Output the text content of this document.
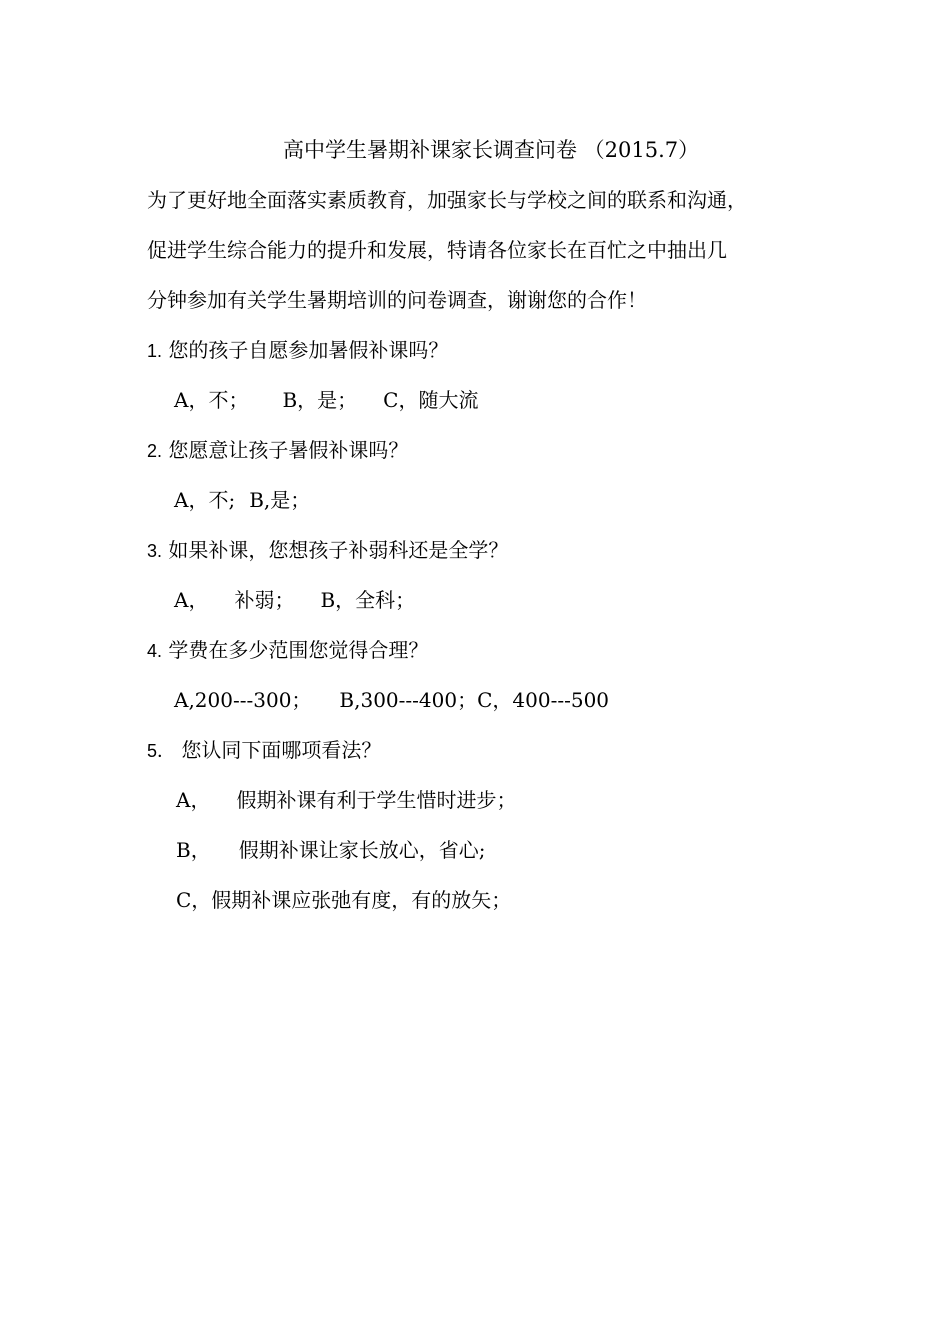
高中学生暑期补课家长调查问卷 （2015.7）
为了更好地全面落实素质教育，加强家长与学校之间的联系和沟通，
促进学生综合能力的提升和发展，特请各位家长在百忙之中抽出几
分钟参加有关学生暑期培训的问卷调查，谢谢您的合作！
1. 您的孩子自愿参加暑假补课吗？
A，不； B，是； C，随大流
2. 您愿意让孩子暑假补课吗？
A，不; B,是；
3. 如果补课，您想孩子补弱科还是全学？
A， 补弱； B，全科；
4. 学费在多少范围您觉得合理？
A,200---300； B,300---400；C，400---500
5． 您认同下面哪项看法？
A， 假期补课有利于学生惜时进步；
B， 假期补课让家长放心，省心;
C，假期补课应张弛有度，有的放矢；
